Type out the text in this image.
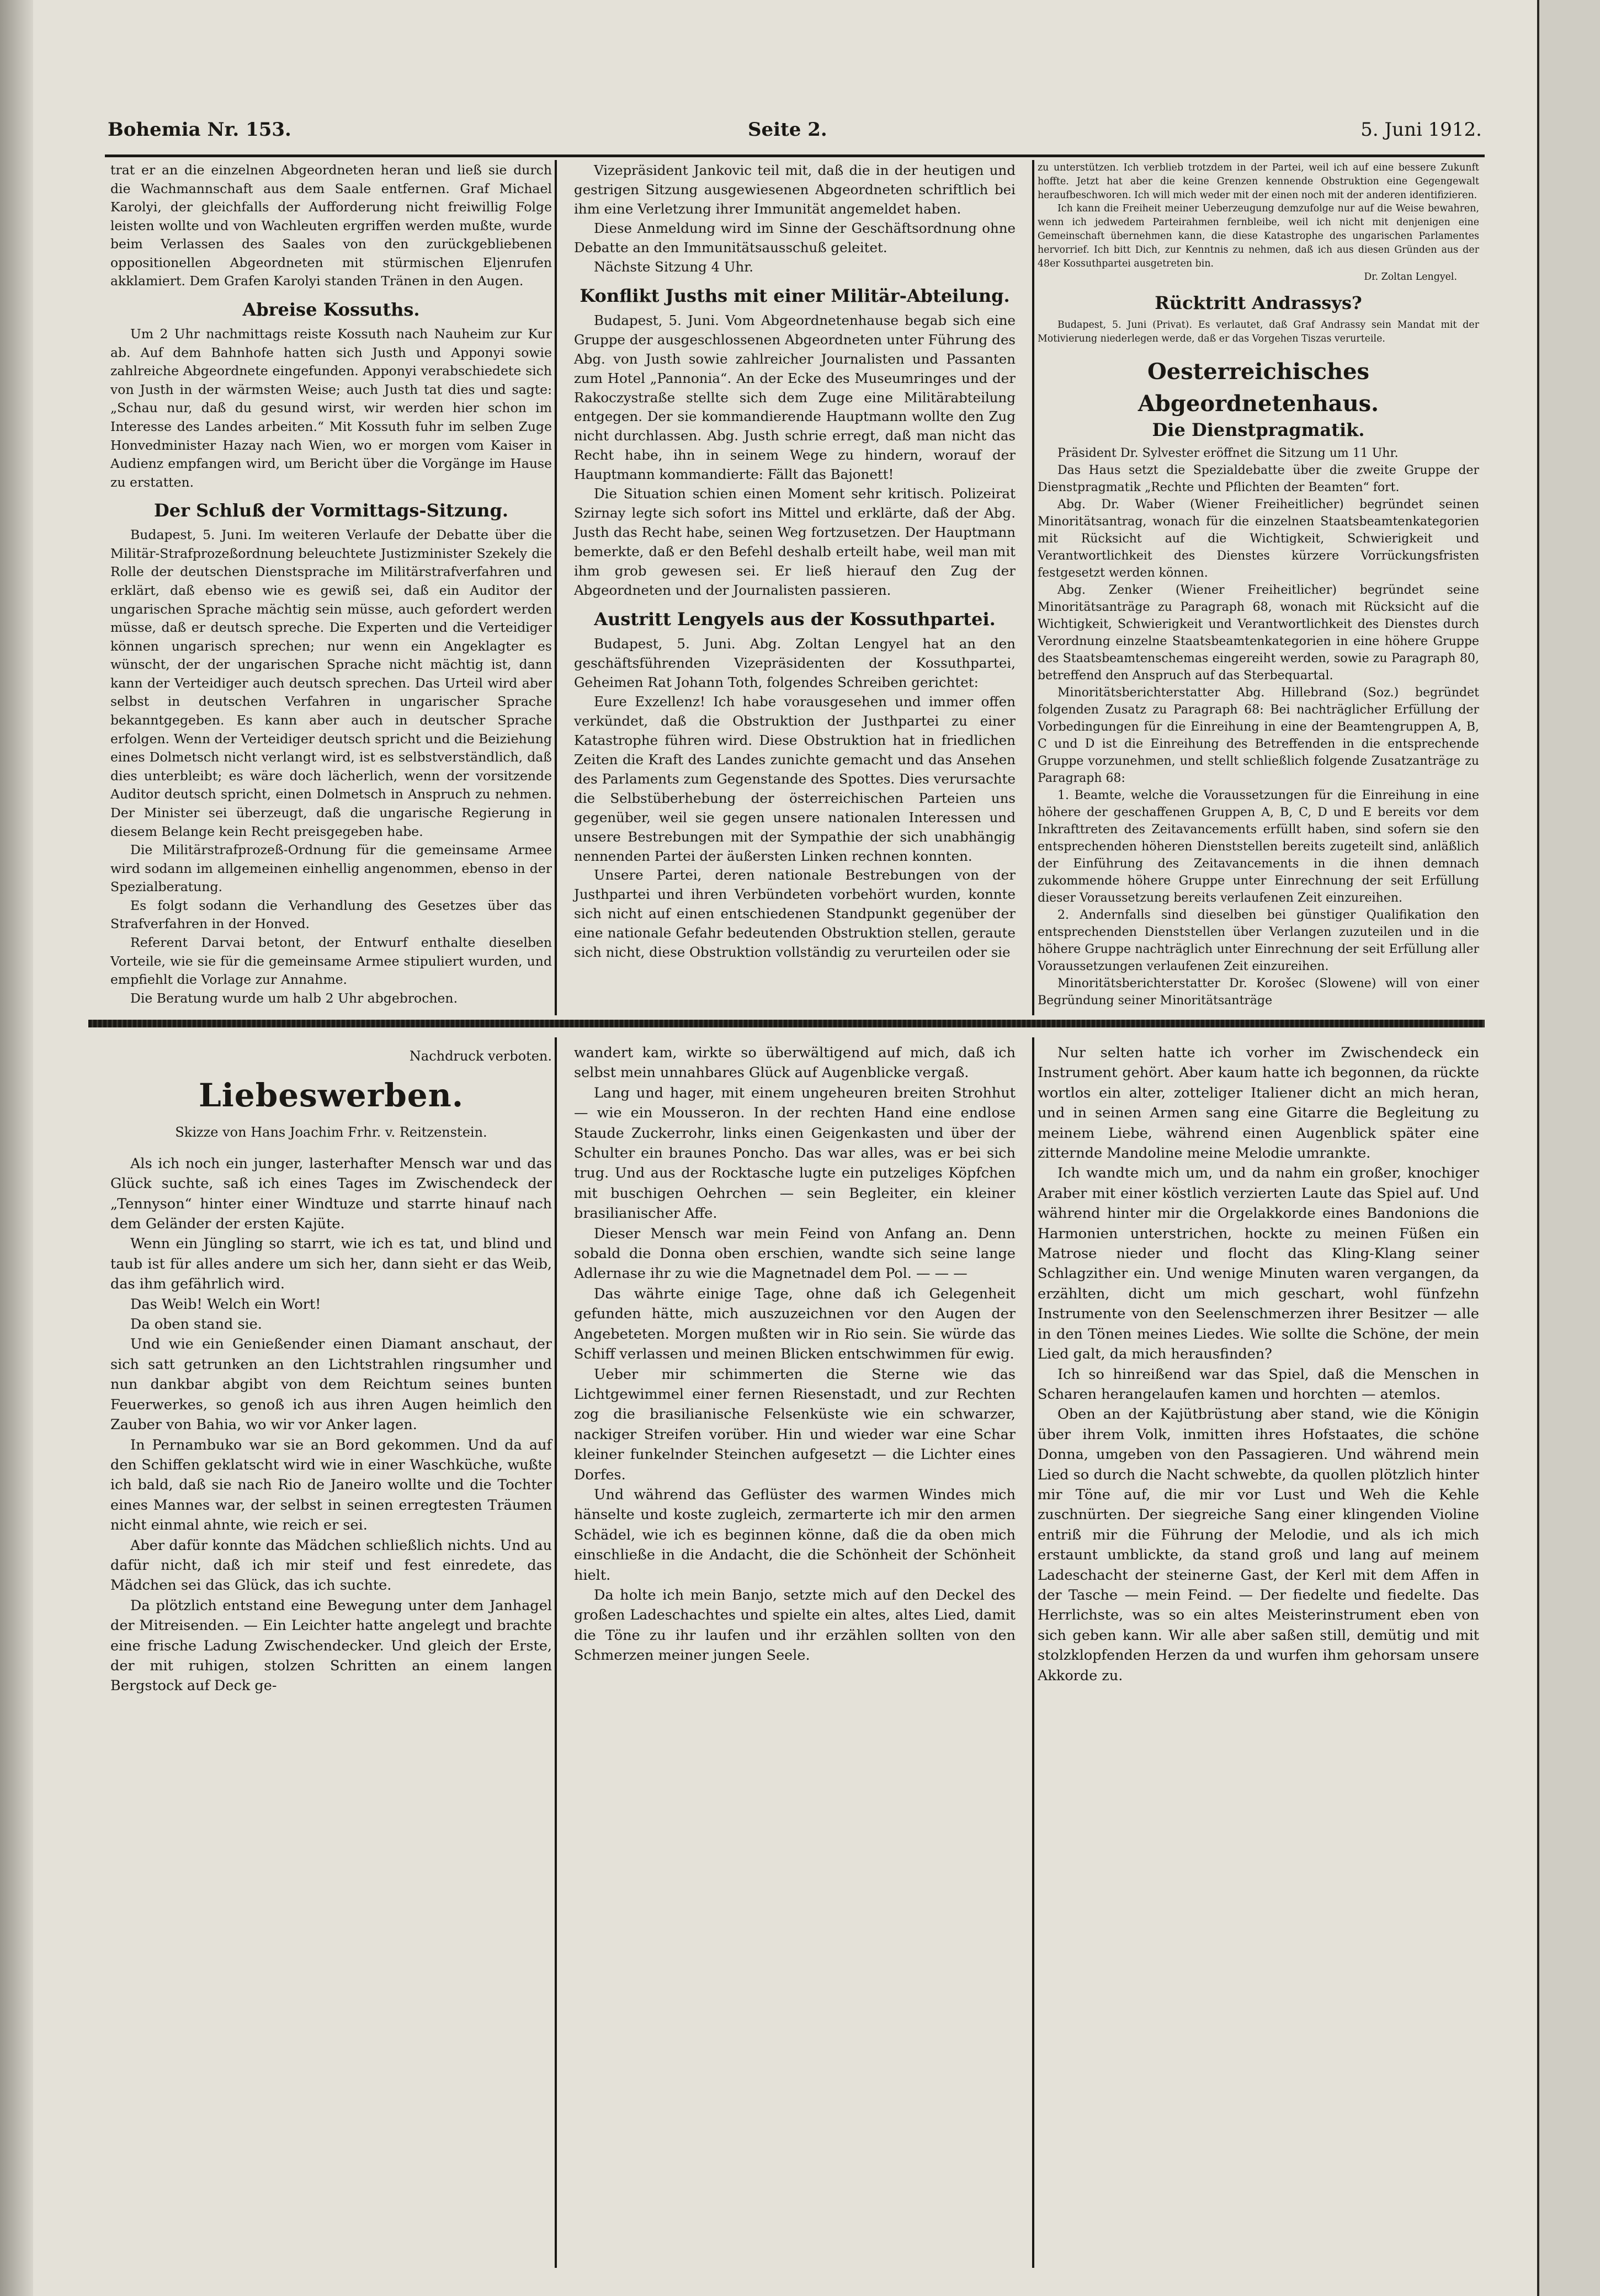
Bohemia Nr. 153.	Seite 2.	5. Juni 1912.

trat er an die einzelnen Abgeordneten heran und ließ sie durch die Wachmannschaft aus dem Saale entfernen. Graf Michael Karolyi, der gleichfalls der Aufforderung nicht freiwillig Folge leisten wollte und von Wachleuten ergriffen werden mußte, wurde beim Verlassen des Saales von den zurückgebliebenen oppositionellen Abgeordneten mit stürmischen Eljenrufen akklamiert. Dem Grafen Karolyi standen Tränen in den Augen.

Abreise Kossuths.

Um 2 Uhr nachmittags reiste Kossuth nach Nauheim zur Kur ab. Auf dem Bahnhofe hatten sich Justh und Apponyi sowie zahlreiche Abgeordnete eingefunden. Apponyi verabschiedete sich von Justh in der wärmsten Weise; auch Justh tat dies und sagte: „Schau nur, daß du gesund wirst, wir werden hier schon im Interesse des Landes arbeiten.“ Mit Kossuth fuhr im selben Zuge Honvedminister Hazay nach Wien, wo er morgen vom Kaiser in Audienz empfangen wird, um Bericht über die Vorgänge im Hause zu erstatten.

Der Schluß der Vormittags-Sitzung.

Budapest, 5. Juni. Im weiteren Verlaufe der Debatte über die Militär-Strafprozeßordnung beleuchtete Justizminister Szekely die Rolle der deutschen Dienstsprache im Militärstrafverfahren und erklärt, daß ebenso wie es gewiß sei, daß ein Auditor der ungarischen Sprache mächtig sein müsse, auch gefordert werden müsse, daß er deutsch spreche. Die Experten und die Verteidiger können ungarisch sprechen; nur wenn ein Angeklagter es wünscht, der der ungarischen Sprache nicht mächtig ist, dann kann der Verteidiger auch deutsch sprechen. Das Urteil wird aber selbst in deutschen Verfahren in ungarischer Sprache bekanntgegeben. Es kann aber auch in deutscher Sprache erfolgen. Wenn der Verteidiger deutsch spricht und die Beiziehung eines Dolmetsch nicht verlangt wird, ist es selbstverständlich, daß dies unterbleibt; es wäre doch lächerlich, wenn der vorsitzende Auditor deutsch spricht, einen Dolmetsch in Anspruch zu nehmen. Der Minister sei überzeugt, daß die ungarische Regierung in diesem Belange kein Recht preisgegeben habe.

Die Militärstrafprozeß-Ordnung für die gemeinsame Armee wird sodann im allgemeinen einhellig angenommen, ebenso in der Spezialberatung.

Es folgt sodann die Verhandlung des Gesetzes über das Strafverfahren in der Honved.

Referent Darvai betont, der Entwurf enthalte dieselben Vorteile, wie sie für die gemeinsame Armee stipuliert wurden, und empfiehlt die Vorlage zur Annahme.

Die Beratung wurde um halb 2 Uhr abgebrochen.

Vizepräsident Jankovic teil mit, daß die in der heutigen und gestrigen Sitzung ausgewiesenen Abgeordneten schriftlich bei ihm eine Verletzung ihrer Immunität angemeldet haben.

Diese Anmeldung wird im Sinne der Geschäftsordnung ohne Debatte an den Immunitätsausschuß geleitet.

Nächste Sitzung 4 Uhr.

Konflikt Jusths mit einer Militär-Abteilung.

Budapest, 5. Juni. Vom Abgeordnetenhause begab sich eine Gruppe der ausgeschlossenen Abgeordneten unter Führung des Abg. von Justh sowie zahlreicher Journalisten und Passanten zum Hotel „Pannonia“. An der Ecke des Museumringes und der Rakoczystraße stellte sich dem Zuge eine Militärabteilung entgegen. Der sie kommandierende Hauptmann wollte den Zug nicht durchlassen. Abg. Justh schrie erregt, daß man nicht das Recht habe, ihn in seinem Wege zu hindern, worauf der Hauptmann kommandierte: Fällt das Bajonett!

Die Situation schien einen Moment sehr kritisch. Polizeirat Szirnay legte sich sofort ins Mittel und erklärte, daß der Abg. Justh das Recht habe, seinen Weg fortzusetzen. Der Hauptmann bemerkte, daß er den Befehl deshalb erteilt habe, weil man mit ihm grob gewesen sei. Er ließ hierauf den Zug der Abgeordneten und der Journalisten passieren.

Austritt Lengyels aus der Kossuthpartei.

Budapest, 5. Juni. Abg. Zoltan Lengyel hat an den geschäftsführenden Vizepräsidenten der Kossuthpartei, Geheimen Rat Johann Toth, folgendes Schreiben gerichtet:

Eure Exzellenz! Ich habe vorausgesehen und immer offen verkündet, daß die Obstruktion der Justhpartei zu einer Katastrophe führen wird. Diese Obstruktion hat in friedlichen Zeiten die Kraft des Landes zunichte gemacht und das Ansehen des Parlaments zum Gegenstande des Spottes. Dies verursachte die Selbstüberhebung der österreichischen Parteien uns gegenüber, weil sie gegen unsere nationalen Interessen und unsere Bestrebungen mit der Sympathie der sich unabhängig nennenden Partei der äußersten Linken rechnen konnten.

Unsere Partei, deren nationale Bestrebungen von der Justhpartei und ihren Verbündeten vorbehört wurden, konnte sich nicht auf einen entschiedenen Standpunkt gegenüber der eine nationale Gefahr bedeutenden Obstruktion stellen, geraute sich nicht, diese Obstruktion vollständig zu verurteilen oder sie

zu unterstützen. Ich verblieb trotzdem in der Partei, weil ich auf eine bessere Zukunft hoffte. Jetzt hat aber die keine Grenzen kennende Obstruktion eine Gegengewalt heraufbeschworen. Ich will mich weder mit der einen noch mit der anderen identifizieren.

Ich kann die Freiheit meiner Ueberzeugung demzufolge nur auf die Weise bewahren, wenn ich jedwedem Parteirahmen fernbleibe, weil ich nicht mit denjenigen eine Gemeinschaft übernehmen kann, die diese Katastrophe des ungarischen Parlamentes hervorrief. Ich bitt Dich, zur Kenntnis zu nehmen, daß ich aus diesen Gründen aus der 48er Kossuthpartei ausgetreten bin.

Dr. Zoltan Lengyel.

Rücktritt Andrassys?

Budapest, 5. Juni (Privat). Es verlautet, daß Graf Andrassy sein Mandat mit der Motivierung niederlegen werde, daß er das Vorgehen Tiszas verurteile.

Oesterreichisches Abgeordnetenhaus.
Die Dienstpragmatik.

Präsident Dr. Sylvester eröffnet die Sitzung um 11 Uhr.

Das Haus setzt die Spezialdebatte über die zweite Gruppe der Dienstpragmatik „Rechte und Pflichten der Beamten“ fort.

Abg. Dr. Waber (Wiener Freiheitlicher) begründet seinen Minoritätsantrag, wonach für die einzelnen Staatsbeamtenkategorien mit Rücksicht auf die Wichtigkeit, Schwierigkeit und Verantwortlichkeit des Dienstes kürzere Vorrückungsfristen festgesetzt werden können.

Abg. Zenker (Wiener Freiheitlicher) begründet seine Minoritätsanträge zu Paragraph 68, wonach mit Rücksicht auf die Wichtigkeit, Schwierigkeit und Verantwortlichkeit des Dienstes durch Verordnung einzelne Staatsbeamtenkategorien in eine höhere Gruppe des Staatsbeamtenschemas eingereiht werden, sowie zu Paragraph 80, betreffend den Anspruch auf das Sterbequartal.

Minoritätsberichterstatter Abg. Hillebrand (Soz.) begründet folgenden Zusatz zu Paragraph 68: Bei nachträglicher Erfüllung der Vorbedingungen für die Einreihung in eine der Beamtengruppen A, B, C und D ist die Einreihung des Betreffenden in die entsprechende Gruppe vorzunehmen, und stellt schließlich folgende Zusatzanträge zu Paragraph 68:

1. Beamte, welche die Voraussetzungen für die Einreihung in eine höhere der geschaffenen Gruppen A, B, C, D und E bereits vor dem Inkrafttreten des Zeitavancements erfüllt haben, sind sofern sie den entsprechenden höheren Dienststellen bereits zugeteilt sind, anläßlich der Einführung des Zeitavancements in die ihnen demnach zukommende höhere Gruppe unter Einrechnung der seit Erfüllung dieser Voraussetzung bereits verlaufenen Zeit einzureihen.

2. Andernfalls sind dieselben bei günstiger Qualifikation den entsprechenden Dienststellen über Verlangen zuzuteilen und in die höhere Gruppe nachträglich unter Einrechnung der seit Erfüllung aller Voraussetzungen verlaufenen Zeit einzureihen.

Minoritätsberichterstatter Dr. Korošec (Slowene) will von einer Begründung seiner Minoritätsanträge

Nachdruck verboten.

Liebeswerben.

Skizze von Hans Joachim Frhr. v. Reitzenstein.

Als ich noch ein junger, lasterhafter Mensch war und das Glück suchte, saß ich eines Tages im Zwischendeck der „Tennyson“ hinter einer Windtuze und starrte hinauf nach dem Geländer der ersten Kajüte.

Wenn ein Jüngling so starrt, wie ich es tat, und blind und taub ist für alles andere um sich her, dann sieht er das Weib, das ihm gefährlich wird.

Das Weib! Welch ein Wort!

Da oben stand sie.

Und wie ein Genießender einen Diamant anschaut, der sich satt getrunken an den Lichtstrahlen ringsumher und nun dankbar abgibt von dem Reichtum seines bunten Feuerwerkes, so genoß ich aus ihren Augen heimlich den Zauber von Bahia, wo wir vor Anker lagen.

In Pernambuko war sie an Bord gekommen. Und da auf den Schiffen geklatscht wird wie in einer Waschküche, wußte ich bald, daß sie nach Rio de Janeiro wollte und die Tochter eines Mannes war, der selbst in seinen erregtesten Träumen nicht einmal ahnte, wie reich er sei.

Aber dafür konnte das Mädchen schließlich nichts. Und au dafür nicht, daß ich mir steif und fest einredete, das Mädchen sei das Glück, das ich suchte.

Da plötzlich entstand eine Bewegung unter dem Janhagel der Mitreisenden. — Ein Leichter hatte angelegt und brachte eine frische Ladung Zwischendecker. Und gleich der Erste, der mit ruhigen, stolzen Schritten an einem langen Bergstock auf Deck ge-

wandert kam, wirkte so überwältigend auf mich, daß ich selbst mein unnahbares Glück auf Augenblicke vergaß.

Lang und hager, mit einem ungeheuren breiten Strohhut — wie ein Mousseron. In der rechten Hand eine endlose Staude Zuckerrohr, links einen Geigenkasten und über der Schulter ein braunes Poncho. Das war alles, was er bei sich trug. Und aus der Rocktasche lugte ein putzeliges Köpfchen mit buschigen Oehrchen — sein Begleiter, ein kleiner brasilianischer Affe.

Dieser Mensch war mein Feind von Anfang an. Denn sobald die Donna oben erschien, wandte sich seine lange Adlernase ihr zu wie die Magnetnadel dem Pol. — — —

Das währte einige Tage, ohne daß ich Gelegenheit gefunden hätte, mich auszuzeichnen vor den Augen der Angebeteten. Morgen mußten wir in Rio sein. Sie würde das Schiff verlassen und meinen Blicken entschwimmen für ewig.

Ueber mir schimmerten die Sterne wie das Lichtgewimmel einer fernen Riesenstadt, und zur Rechten zog die brasilianische Felsenküste wie ein schwarzer, nackiger Streifen vorüber. Hin und wieder war eine Schar kleiner funkelnder Steinchen aufgesetzt — die Lichter eines Dorfes.

Und während das Geflüster des warmen Windes mich hänselte und koste zugleich, zermarterte ich mir den armen Schädel, wie ich es beginnen könne, daß die da oben mich einschließe in die Andacht, die die Schönheit der Schönheit hielt.

Da holte ich mein Banjo, setzte mich auf den Deckel des großen Ladeschachtes und spielte ein altes, altes Lied, damit die Töne zu ihr laufen und ihr erzählen sollten von den Schmerzen meiner jungen Seele.

Nur selten hatte ich vorher im Zwischendeck ein Instrument gehört. Aber kaum hatte ich begonnen, da rückte wortlos ein alter, zotteliger Italiener dicht an mich heran, und in seinen Armen sang eine Gitarre die Begleitung zu meinem Liebe, während einen Augenblick später eine zitternde Mandoline meine Melodie umrankte.

Ich wandte mich um, und da nahm ein großer, knochiger Araber mit einer köstlich verzierten Laute das Spiel auf. Und während hinter mir die Orgelakkorde eines Bandonions die Harmonien unterstrichen, hockte zu meinen Füßen ein Matrose nieder und flocht das Kling-Klang seiner Schlagzither ein. Und wenige Minuten waren vergangen, da erzählten, dicht um mich geschart, wohl fünfzehn Instrumente von den Seelenschmerzen ihrer Besitzer — alle in den Tönen meines Liedes. Wie sollte die Schöne, der mein Lied galt, da mich herausfinden?

Ich so hinreißend war das Spiel, daß die Menschen in Scharen herangelaufen kamen und horchten — atemlos.

Oben an der Kajütbrüstung aber stand, wie die Königin über ihrem Volk, inmitten ihres Hofstaates, die schöne Donna, umgeben von den Passagieren. Und während mein Lied so durch die Nacht schwebte, da quollen plötzlich hinter mir Töne auf, die mir vor Lust und Weh die Kehle zuschnürten. Der siegreiche Sang einer klingenden Violine entriß mir die Führung der Melodie, und als ich mich erstaunt umblickte, da stand groß und lang auf meinem Ladeschacht der steinerne Gast, der Kerl mit dem Affen in der Tasche — mein Feind. — Der fiedelte und fiedelte. Das Herrlichste, was so ein altes Meisterinstrument eben von sich geben kann. Wir alle aber saßen still, demütig und mit stolzklopfenden Herzen da und wurfen ihm gehorsam unsere Akkorde zu.
